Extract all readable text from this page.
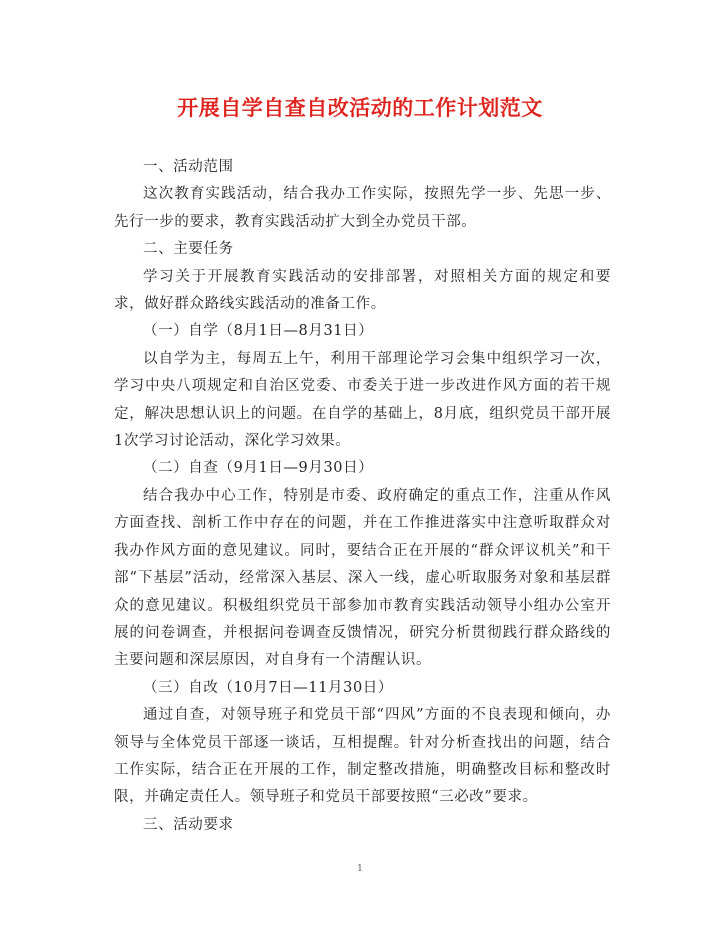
开展自学自查自改活动的工作计划范文

一、活动范围

这次教育实践活动，结合我办工作实际，按照先学一步、先思一步、先行一步的要求，教育实践活动扩大到全办党员干部。

二、主要任务

学习关于开展教育实践活动的安排部署，对照相关方面的规定和要求，做好群众路线实践活动的准备工作。

（一）自学（8月1日—8月31日）

以自学为主，每周五上午，利用干部理论学习会集中组织学习一次，学习中央八项规定和自治区党委、市委关于进一步改进作风方面的若干规定，解决思想认识上的问题。在自学的基础上，8月底，组织党员干部开展1次学习讨论活动，深化学习效果。

（二）自查（9月1日—9月30日）

结合我办中心工作，特别是市委、政府确定的重点工作，注重从作风方面查找、剖析工作中存在的问题，并在工作推进落实中注意听取群众对我办作风方面的意见建议。同时，要结合正在开展的“群众评议机关”和干部“下基层”活动，经常深入基层、深入一线，虚心听取服务对象和基层群众的意见建议。积极组织党员干部参加市教育实践活动领导小组办公室开展的问卷调查，并根据问卷调查反馈情况，研究分析贯彻践行群众路线的主要问题和深层原因，对自身有一个清醒认识。

（三）自改（10月7日—11月30日）

通过自查，对领导班子和党员干部“四风”方面的不良表现和倾向，办领导与全体党员干部逐一谈话，互相提醒。针对分析查找出的问题，结合工作实际，结合正在开展的工作，制定整改措施，明确整改目标和整改时限，并确定责任人。领导班子和党员干部要按照“三必改”要求。

三、活动要求

1
